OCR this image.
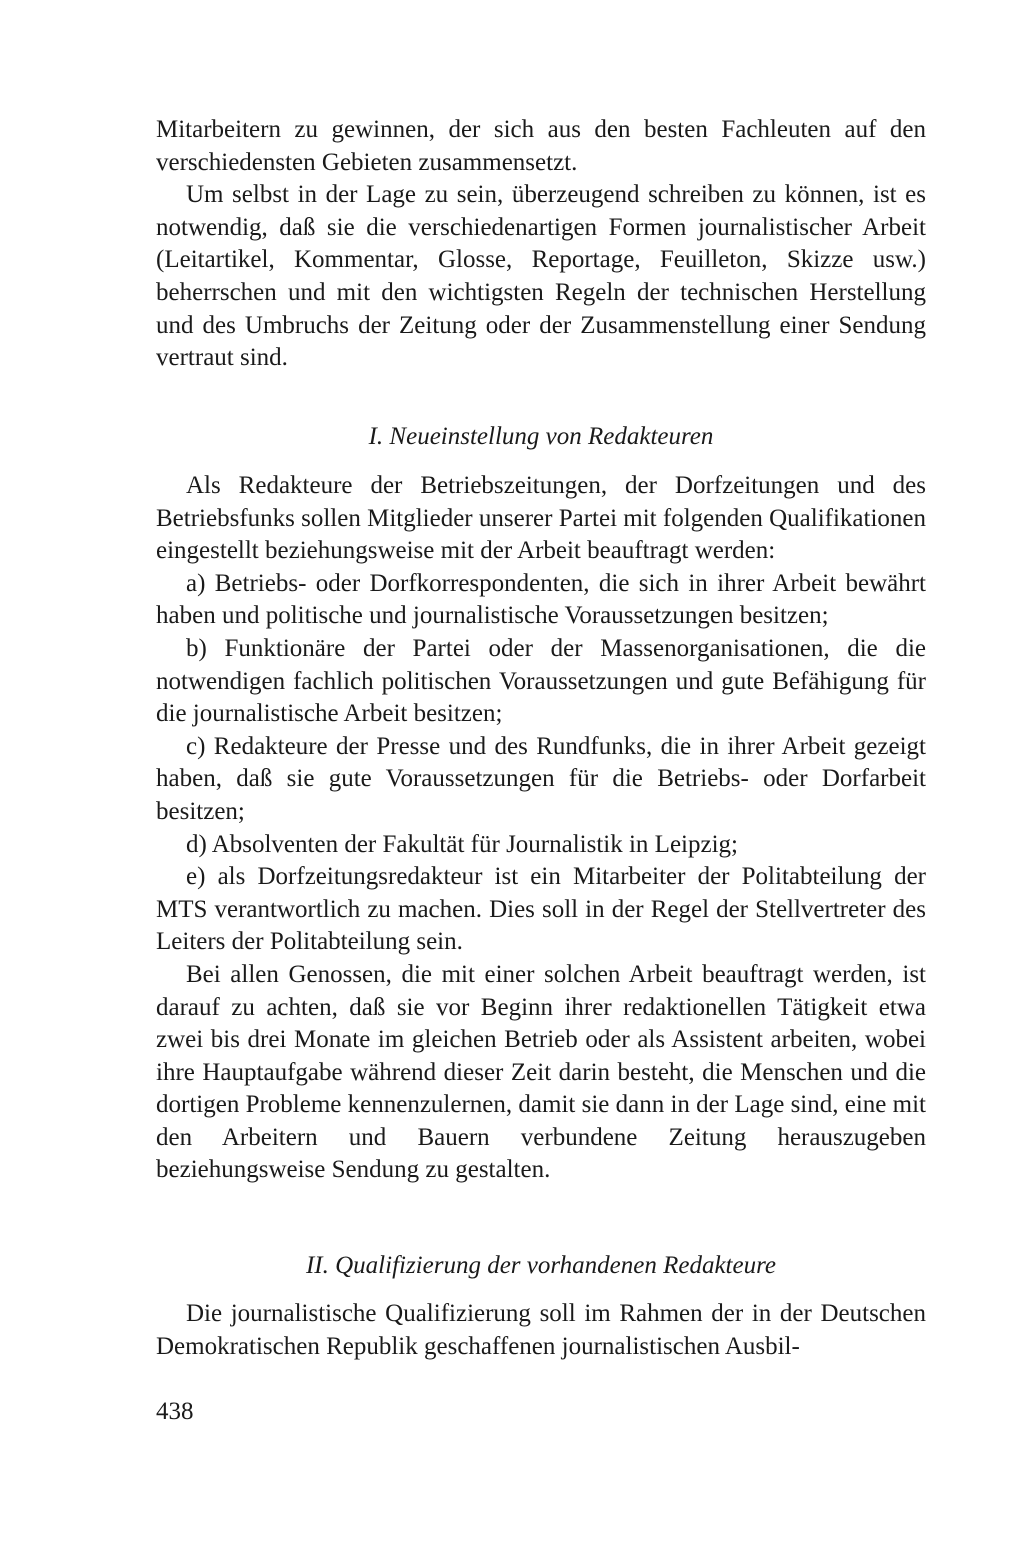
Mitarbeitern zu gewinnen, der sich aus den besten Fachleuten auf den verschiedensten Gebieten zusammensetzt.

Um selbst in der Lage zu sein, überzeugend schreiben zu können, ist es notwendig, daß sie die verschiedenartigen Formen journalistischer Arbeit (Leitartikel, Kommentar, Glosse, Reportage, Feuilleton, Skizze usw.) beherrschen und mit den wichtigsten Regeln der technischen Herstellung und des Umbruchs der Zeitung oder der Zusammenstellung einer Sendung vertraut sind.

I. Neueinstellung von Redakteuren

Als Redakteure der Betriebszeitungen, der Dorfzeitungen und des Betriebsfunks sollen Mitglieder unserer Partei mit folgenden Qualifikationen eingestellt beziehungsweise mit der Arbeit beauftragt werden:

a) Betriebs- oder Dorfkorrespondenten, die sich in ihrer Arbeit bewährt haben und politische und journalistische Voraussetzungen besitzen;

b) Funktionäre der Partei oder der Massenorganisationen, die die notwendigen fachlich politischen Voraussetzungen und gute Befähigung für die journalistische Arbeit besitzen;

c) Redakteure der Presse und des Rundfunks, die in ihrer Arbeit gezeigt haben, daß sie gute Voraussetzungen für die Betriebs- oder Dorfarbeit besitzen;

d) Absolventen der Fakultät für Journalistik in Leipzig;

e) als Dorfzeitungsredakteur ist ein Mitarbeiter der Politabteilung der MTS verantwortlich zu machen. Dies soll in der Regel der Stellvertreter des Leiters der Politabteilung sein.

Bei allen Genossen, die mit einer solchen Arbeit beauftragt werden, ist darauf zu achten, daß sie vor Beginn ihrer redaktionellen Tätigkeit etwa zwei bis drei Monate im gleichen Betrieb oder als Assistent arbeiten, wobei ihre Hauptaufgabe während dieser Zeit darin besteht, die Menschen und die dortigen Probleme kennenzulernen, damit sie dann in der Lage sind, eine mit den Arbeitern und Bauern verbundene Zeitung herauszugeben beziehungsweise Sendung zu gestalten.

II. Qualifizierung der vorhandenen Redakteure

Die journalistische Qualifizierung soll im Rahmen der in der Deutschen Demokratischen Republik geschaffenen journalistischen Ausbil-

438
